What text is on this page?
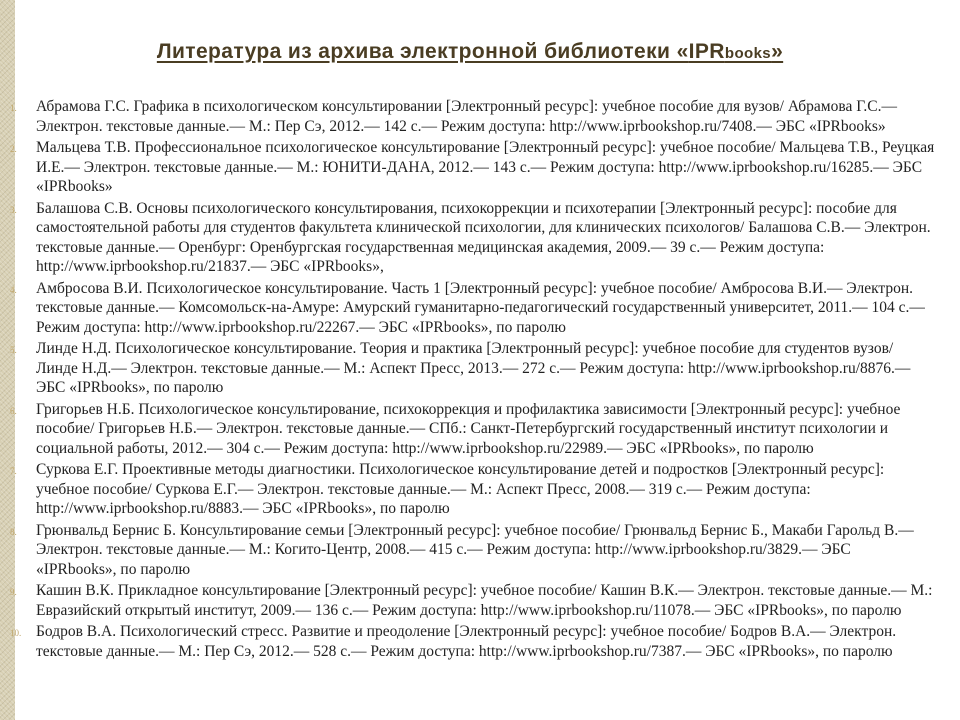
Литература из архива электронной библиотеки «IPRbooks»
1.	Абрамова Г.С. Графика в психологическом консультировании [Электронный ресурс]: учебное пособие для вузов/ Абрамова Г.С.— Электрон. текстовые данные.— М.: Пер Сэ, 2012.— 142 c.— Режим доступа: http://www.iprbookshop.ru/7408.— ЭБС «IPRbooks»
2.	Мальцева Т.В. Профессиональное психологическое консультирование [Электронный ресурс]: учебное пособие/ Мальцева Т.В., Реуцкая И.Е.— Электрон. текстовые данные.— М.: ЮНИТИ-ДАНА, 2012.— 143 c.— Режим доступа: http://www.iprbookshop.ru/16285.— ЭБС «IPRbooks»
3.	Балашова С.В. Основы психологического консультирования, психокоррекции и психотерапии [Электронный ресурс]: пособие для самостоятельной работы для студентов факультета клинической психологии, для клинических психологов/ Балашова С.В.— Электрон. текстовые данные.— Оренбург: Оренбургская государственная медицинская академия, 2009.— 39 c.— Режим доступа: http://www.iprbookshop.ru/21837.— ЭБС «IPRbooks»,
4.	Амбросова В.И. Психологическое консультирование. Часть 1 [Электронный ресурс]: учебное пособие/ Амбросова В.И.— Электрон. текстовые данные.— Комсомольск-на-Амуре: Амурский гуманитарно-педагогический государственный университет, 2011.— 104 c.— Режим доступа: http://www.iprbookshop.ru/22267.— ЭБС «IPRbooks», по паролю
5.	Линде Н.Д. Психологическое консультирование. Теория и практика [Электронный ресурс]: учебное пособие для студентов вузов/ Линде Н.Д.— Электрон. текстовые данные.— М.: Аспект Пресс, 2013.— 272 c.— Режим доступа: http://www.iprbookshop.ru/8876.— ЭБС «IPRbooks», по паролю
6.	Григорьев Н.Б. Психологическое консультирование, психокоррекция и профилактика зависимости [Электронный ресурс]: учебное пособие/ Григорьев Н.Б.— Электрон. текстовые данные.— СПб.: Санкт-Петербургский государственный институт психологии и социальной работы, 2012.— 304 c.— Режим доступа: http://www.iprbookshop.ru/22989.— ЭБС «IPRbooks», по паролю
7.	Суркова Е.Г. Проективные методы диагностики. Психологическое консультирование детей и подростков [Электронный ресурс]: учебное пособие/ Суркова Е.Г.— Электрон. текстовые данные.— М.: Аспект Пресс, 2008.— 319 c.— Режим доступа: http://www.iprbookshop.ru/8883.— ЭБС «IPRbooks», по паролю
8.	Грюнвальд Бернис Б. Консультирование семьи [Электронный ресурс]: учебное пособие/ Грюнвальд Бернис Б., Макаби Гарольд В.— Электрон. текстовые данные.— М.: Когито-Центр, 2008.— 415 c.— Режим доступа: http://www.iprbookshop.ru/3829.— ЭБС «IPRbooks», по паролю
9.	Кашин В.К. Прикладное консультирование [Электронный ресурс]: учебное пособие/ Кашин В.К.— Электрон. текстовые данные.— М.: Евразийский открытый институт, 2009.— 136 c.— Режим доступа: http://www.iprbookshop.ru/11078.— ЭБС «IPRbooks», по паролю
10. Бодров В.А. Психологический стресс. Развитие и преодоление [Электронный ресурс]: учебное пособие/ Бодров В.А.— Электрон. текстовые данные.— М.: Пер Сэ, 2012.— 528 c.— Режим доступа: http://www.iprbookshop.ru/7387.— ЭБС «IPRbooks», по паролю
